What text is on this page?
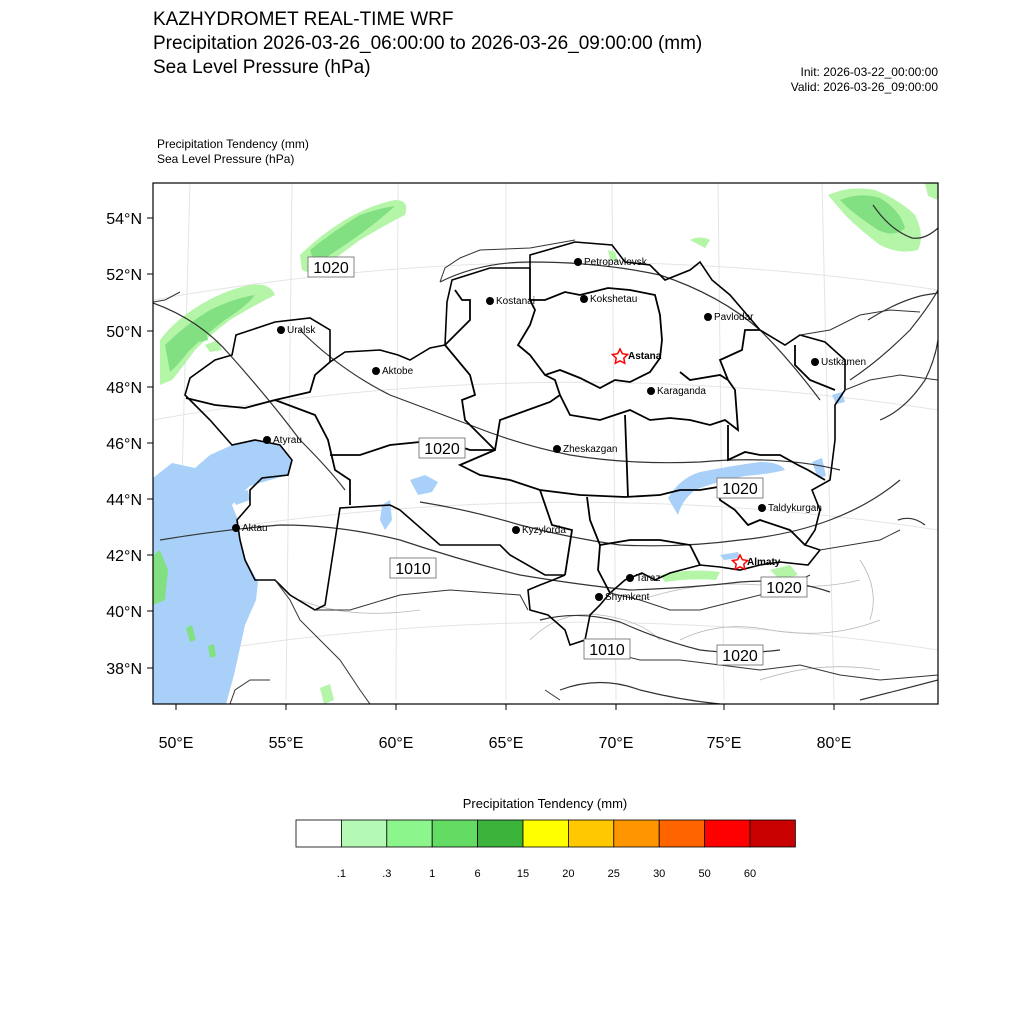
KAZHYDROMET REAL-TIME WRF
Precipitation 2026-03-26_06:00:00 to 2026-03-26_09:00:00 (mm)
Sea Level Pressure (hPa)	Init: 2026-03-22_00:00:00
Valid: 2026-03-26_09:00:00
Precipitation Tendency (mm)
Sea Level Pressure (hPa)
54°N
52°N
50°N
48°N
46°N
44°N
42°N
40°N
38°N
50°E	55°E	60°E	65°E	70°E	75°E	80°E
1020
1020
1020
1010
1020
1010	1020
Petropavlovsk
Kostanai	Kokshetau
Pavlodar
Uralsk
Astana
Aktobe
Ustkamen
Karaganda
Atyrau
Zheskazgan
Taldykurgan
Aktau	Kyzylorda
Almaty
Taraz
Shymkent
Precipitation Tendency (mm)
.1	.3	1	6	15	20	25	30	50	60
